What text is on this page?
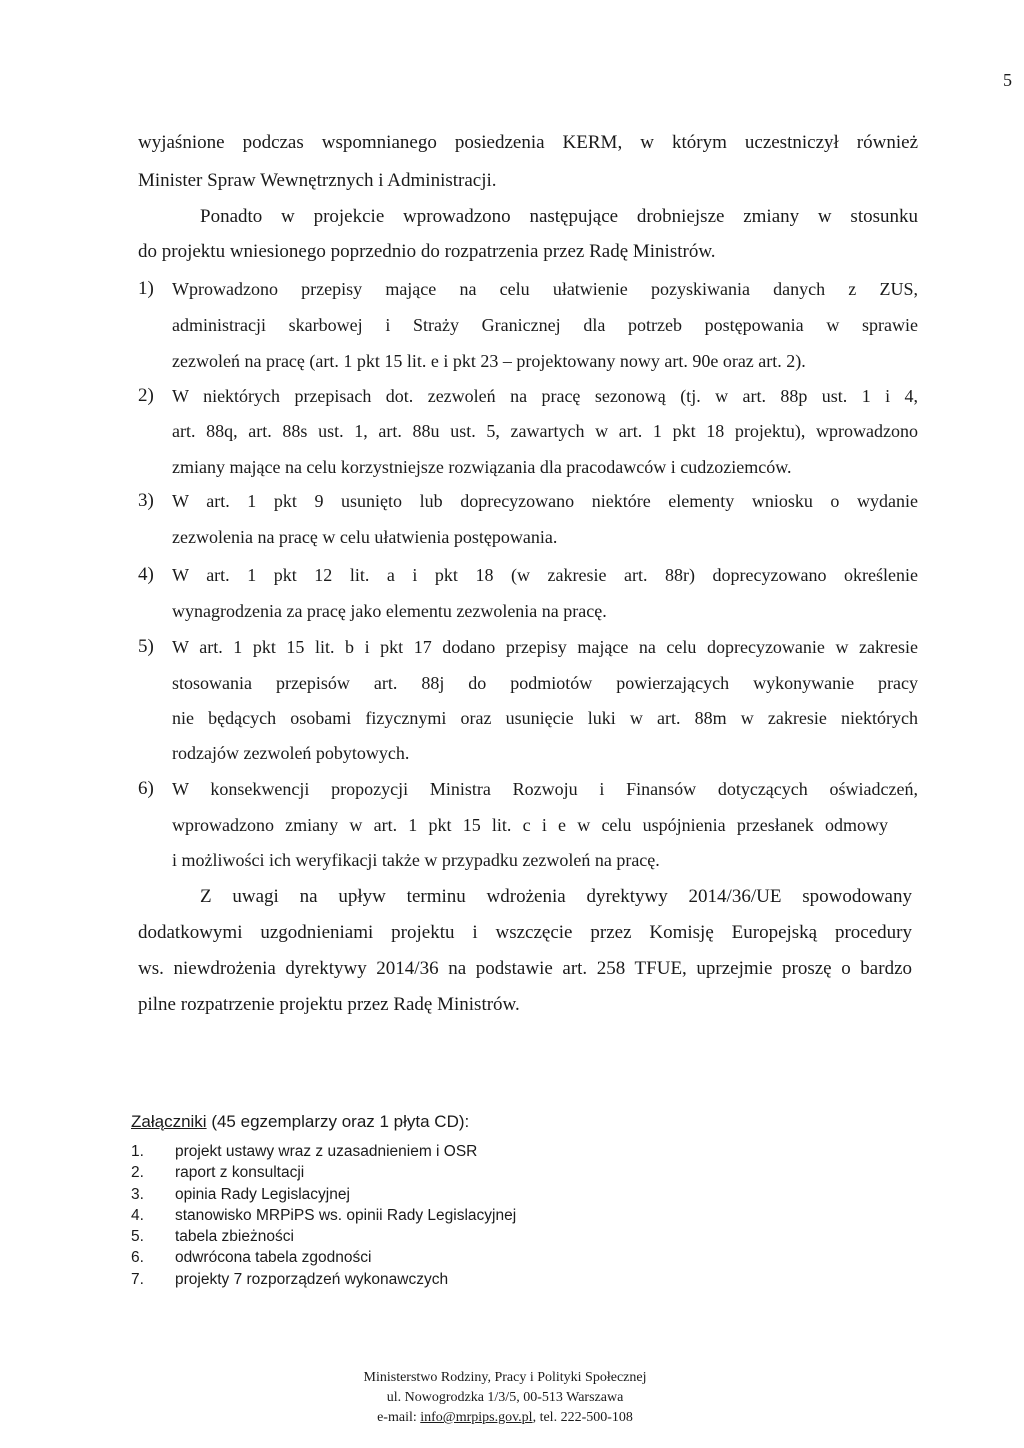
5
wyjaśnione podczas wspomnianego posiedzenia KERM, w którym uczestniczył również
Minister Spraw Wewnętrznych i Administracji.
Ponadto w projekcie wprowadzono następujące drobniejsze zmiany w stosunku
do projektu wniesionego poprzednio do rozpatrzenia przez Radę Ministrów.
1) Wprowadzono przepisy mające na celu ułatwienie pozyskiwania danych z ZUS,
administracji skarbowej i Straży Granicznej dla potrzeb postępowania w sprawie
zezwoleń na pracę (art. 1 pkt 15 lit. e i pkt 23 – projektowany nowy art. 90e oraz art. 2).
2) W niektórych przepisach dot. zezwoleń na pracę sezonową (tj. w art. 88p ust. 1 i 4,
art. 88q, art. 88s ust. 1, art. 88u ust. 5, zawartych w art. 1 pkt 18 projektu), wprowadzono
zmiany mające na celu korzystniejsze rozwiązania dla pracodawców i cudzoziemców.
3) W art. 1 pkt 9 usunięto lub doprecyzowano niektóre elementy wniosku o wydanie
zezwolenia na pracę w celu ułatwienia postępowania.
4) W art. 1 pkt 12 lit. a i pkt 18 (w zakresie art. 88r) doprecyzowano określenie
wynagrodzenia za pracę jako elementu zezwolenia na pracę.
5) W art. 1 pkt 15 lit. b i pkt 17 dodano przepisy mające na celu doprecyzowanie w zakresie
stosowania przepisów art. 88j do podmiotów powierzających wykonywanie pracy
nie będących osobami fizycznymi oraz usunięcie luki w art. 88m w zakresie niektórych
rodzajów zezwoleń pobytowych.
6) W konsekwencji propozycji Ministra Rozwoju i Finansów dotyczących oświadczeń,
wprowadzono zmiany w art. 1 pkt 15 lit. c i e w celu uspójnienia przesłanek odmowy
i możliwości ich weryfikacji także w przypadku zezwoleń na pracę.
Z uwagi na upływ terminu wdrożenia dyrektywy 2014/36/UE spowodowany
dodatkowymi uzgodnieniami projektu i wszczęcie przez Komisję Europejską procedury
ws. niewdrożenia dyrektywy 2014/36 na podstawie art. 258 TFUE, uprzejmie proszę o bardzo
pilne rozpatrzenie projektu przez Radę Ministrów.
Załączniki (45 egzemplarzy oraz 1 płyta CD):
1. projekt ustawy wraz z uzasadnieniem i OSR
2. raport z konsultacji
3. opinia Rady Legislacyjnej
4. stanowisko MRPiPS ws. opinii Rady Legislacyjnej
5. tabela zbieżności
6. odwrócona tabela zgodności
7. projekty 7 rozporządzeń wykonawczych
Ministerstwo Rodziny, Pracy i Polityki Społecznej
ul. Nowogrodzka 1/3/5, 00-513 Warszawa
e-mail: info@mrpips.gov.pl, tel. 222-500-108
